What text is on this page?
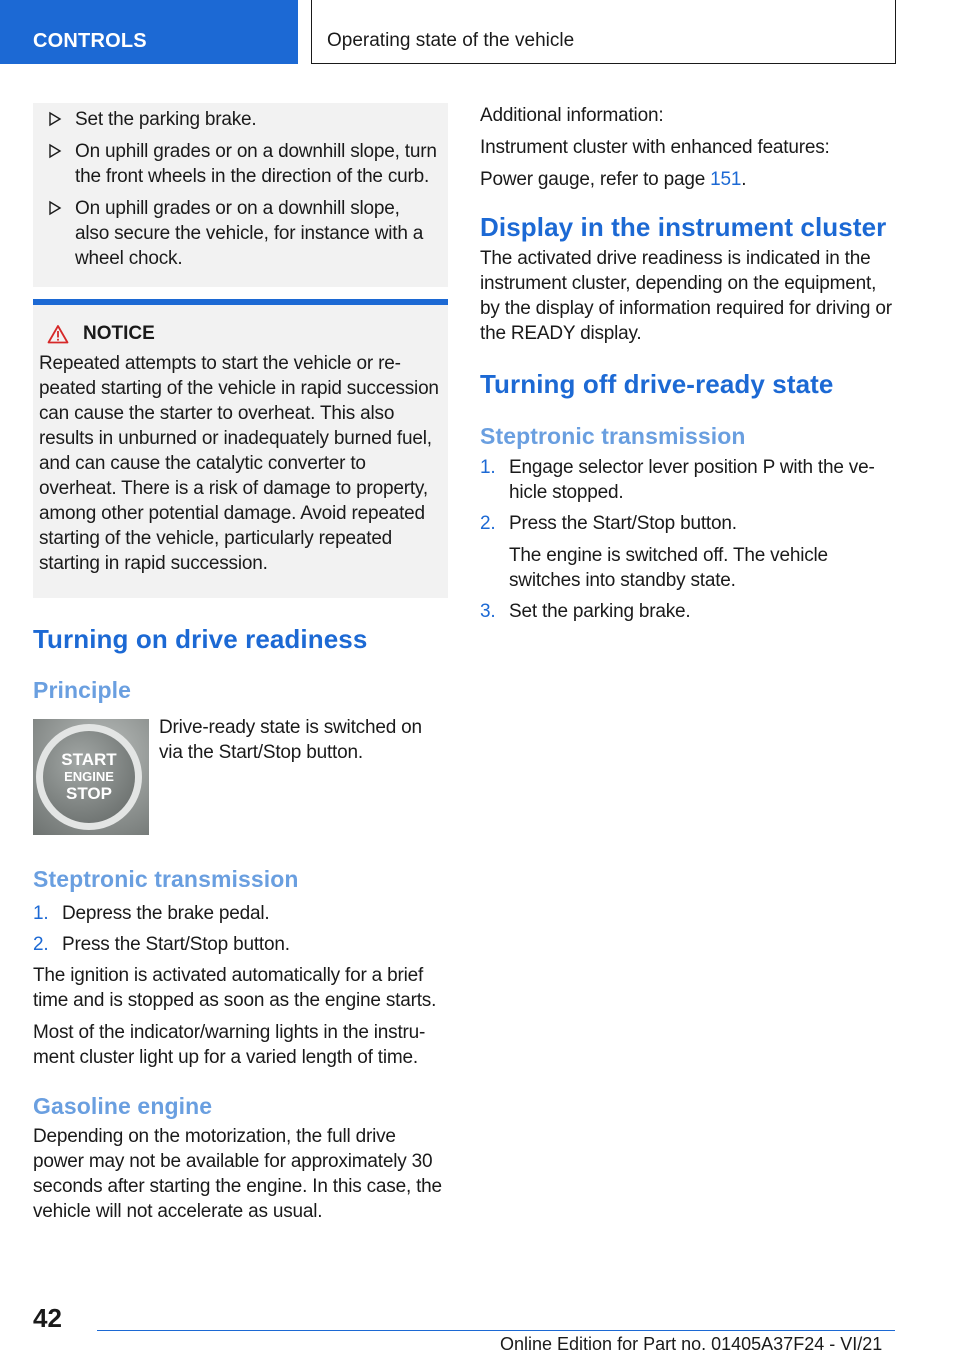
CONTROLS	Operating state of the vehicle
Set the parking brake.
On uphill grades or on a downhill slope, turn the front wheels in the direction of the curb.
On uphill grades or on a downhill slope, also secure the vehicle, for instance with a wheel chock.
NOTICE

Repeated attempts to start the vehicle or repeated starting of the vehicle in rapid succession can cause the starter to overheat. This also results in unburned or inadequately burned fuel, and can cause the catalytic converter to overheat. There is a risk of damage to property, among other potential damage. Avoid repeated starting of the vehicle, particularly repeated starting in rapid succession.

Turning on drive readiness
Principle
START
ENGINE
STOP

Drive-ready state is switched on via the Start/Stop button.

Steptronic transmission
1. Depress the brake pedal.
2. Press the Start/Stop button.

The ignition is activated automatically for a brief time and is stopped as soon as the engine starts.

Most of the indicator/warning lights in the instrument cluster light up for a varied length of time.

Gasoline engine

Depending on the motorization, the full drive power may not be available for approximately 30 seconds after starting the engine. In this case, the vehicle will not accelerate as usual.

Additional information:

Instrument cluster with enhanced features:

Power gauge, refer to page 151.

Display in the instrument cluster

The activated drive readiness is indicated in the instrument cluster, depending on the equipment, by the display of information required for driving or the READY display.

Turning off drive-ready state
Steptronic transmission
1. Engage selector lever position P with the vehicle stopped.
2. Press the Start/Stop button.

The engine is switched off. The vehicle switches into standby state.

3. Set the parking brake.
42
Online Edition for Part no. 01405A37F24 - VI/21
